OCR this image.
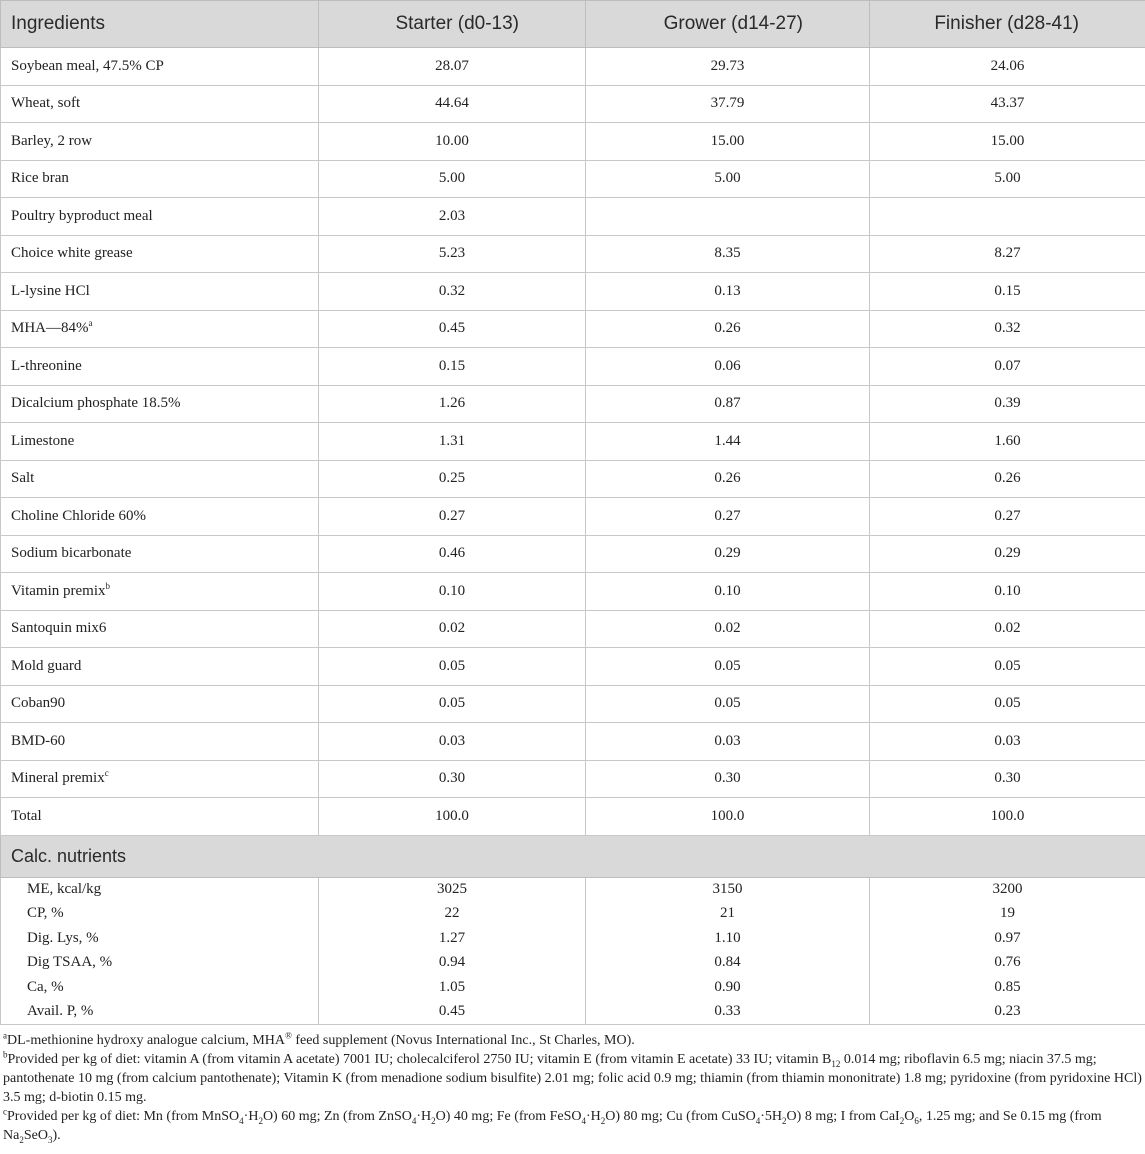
Ingredients	Starter (d0-13)	Grower (d14-27)	Finisher (d28-41)
Soybean meal, 47.5% CP	28.07	29.73	24.06
Wheat, soft	44.64	37.79	43.37
Barley, 2 row	10.00	15.00	15.00
Rice bran	5.00	5.00	5.00
Poultry byproduct meal	2.03		
Choice white grease	5.23	8.35	8.27
L-lysine HCl	0.32	0.13	0.15
MHA—84%$^a$	0.45	0.26	0.32
L-threonine	0.15	0.06	0.07
Dicalcium phosphate 18.5%	1.26	0.87	0.39
Limestone	1.31	1.44	1.60
Salt	0.25	0.26	0.26
Choline Chloride 60%	0.27	0.27	0.27
Sodium bicarbonate	0.46	0.29	0.29
Vitamin premix$^b$	0.10	0.10	0.10
Santoquin mix6	0.02	0.02	0.02
Mold guard	0.05	0.05	0.05
Coban90	0.05	0.05	0.05
BMD-60	0.03	0.03	0.03
Mineral premix$^c$	0.30	0.30	0.30
Total	100.0	100.0	100.0
Calc. nutrients			
ME, kcal/kg	3025	3150	3200
CP, %	22	21	19
Dig. Lys, %	1.27	1.10	0.97
Dig TSAA, %	0.94	0.84	0.76
Ca, %	1.05	0.90	0.85
Avail. P, %	0.45	0.33	0.23

$^a$DL-methionine hydroxy analogue calcium, MHA® feed supplement (Novus International Inc., St Charles, MO).

$^b$Provided per kg of diet: vitamin A (from vitamin A acetate) 7001 IU; cholecalciferol 2750 IU; vitamin E (from vitamin E acetate) 33 IU; vitamin $B_{12}$ 0.014 mg; riboflavin 6.5 mg; niacin 37.5 mg; pantothenate 10 mg (from calcium pantothenate); Vitamin K (from menadione sodium bisulfite) 2.01 mg; folic acid 0.9 mg; thiamin (from thiamin mononitrate) 1.8 mg; pyridoxine (from pyridoxine HCl) 3.5 mg; d-biotin 0.15 mg.

$^c$Provided per kg of diet: Mn (from $MnSO_4\cdot H_2O$) 60 mg; Zn (from $ZnSO_4\cdot H_2O$) 40 mg; Fe (from $FeSO_4\cdot H_2O$) 80 mg; Cu (from $CuSO_4\cdot 5H_2O$) 8 mg; I from $CaI_2O_6$, 1.25 mg; and Se 0.15 mg (from $Na_2SeO_3$).
